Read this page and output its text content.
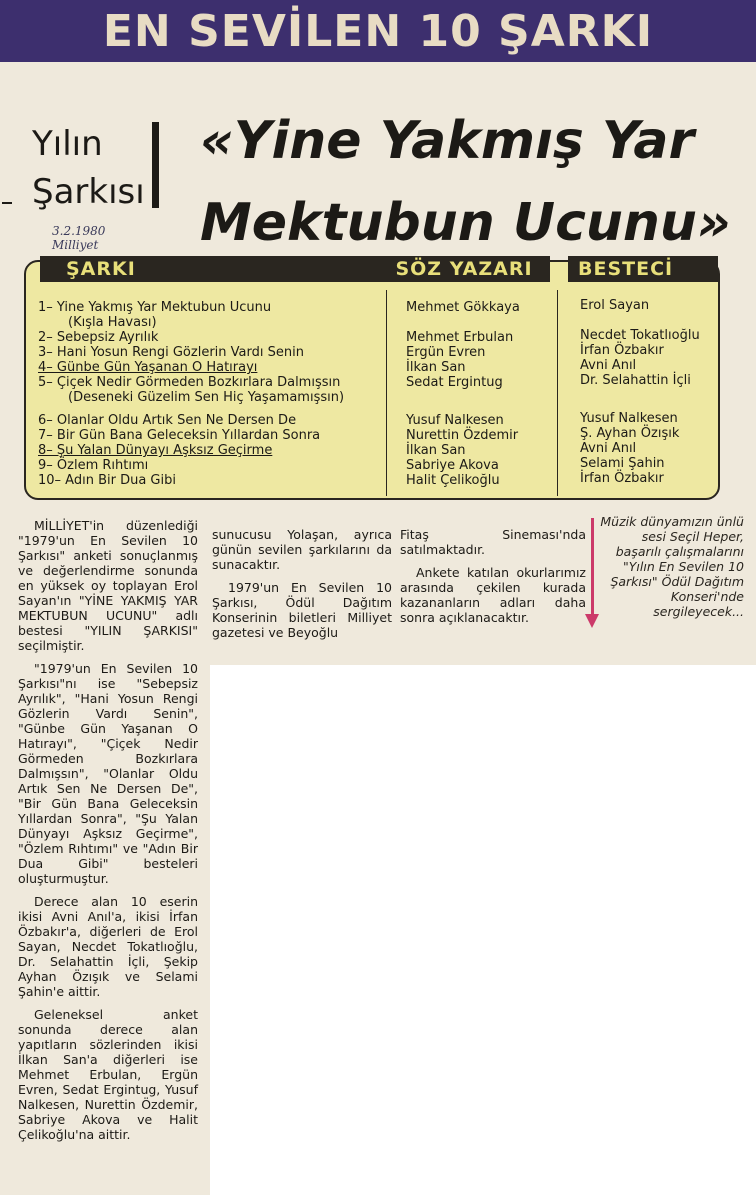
EN SEVİLEN 10 ŞARKI
Yılın
Şarkısı
«Yine Yakmış Yar
Mektubun Ucunu»
3.2.1980
Milliyet
ŞARKI	SÖZ YAZARI	BESTECİ
1– Yine Yakmış Yar Mektubun Ucunu
(Kışla Havası)
2– Sebepsiz Ayrılık
3– Hani Yosun Rengi Gözlerin Vardı Senin
4– Günbe Gün Yaşanan O Hatırayı
5– Çiçek Nedir Görmeden Bozkırlara Dalmışsın
(Deseneki Güzelim Sen Hiç Yaşamamışsın)
6– Olanlar Oldu Artık Sen Ne Dersen De
7– Bir Gün Bana Geleceksin Yıllardan Sonra
8– Şu Yalan Dünyayı Aşksız Geçirme
9– Özlem Rıhtımı
10– Adın Bir Dua Gibi
Mehmet Gökkaya
Mehmet Erbulan
Ergün Evren
İlkan San
Sedat Ergintug
Yusuf Nalkesen
Nurettin Özdemir
İlkan San
Sabriye Akova
Halit Çelikoğlu
Erol Sayan
Necdet Tokatlıoğlu
İrfan Özbakır
Avni Anıl
Dr. Selahattin İçli
Yusuf Nalkesen
Ş. Ayhan Özışık
Avni Anıl
Selami Şahin
İrfan Özbakır

MİLLİYET'in düzenlediği "1979'un En Sevilen 10 Şarkısı" anketi sonuçlanmış ve değerlendirme sonunda en yüksek oy toplayan Erol Sayan'ın "YİNE YAKMIŞ YAR MEKTUBUN UCUNU" adlı bestesi "YILIN ŞARKISI" seçilmiştir.

"1979'un En Sevilen 10 Şarkısı"nı ise "Sebepsiz Ayrılık", "Hani Yosun Rengi Gözlerin Vardı Senin", "Günbe Gün Yaşanan O Hatırayı", "Çiçek Nedir Görmeden Bozkırlara Dalmışsın", "Olanlar Oldu Artık Sen Ne Dersen De", "Bir Gün Bana Geleceksin Yıllardan Sonra", "Şu Yalan Dünyayı Aşksız Geçirme", "Özlem Rıhtımı" ve "Adın Bir Dua Gibi" besteleri oluşturmuştur.

Derece alan 10 eserin ikisi Avni Anıl'a, ikisi İrfan Özbakır'a, diğerleri de Erol Sayan, Necdet Tokatlıoğlu, Dr. Selahattin İçli, Şekip Ayhan Özışık ve Selami Şahin'e aittir.

Geleneksel anket sonunda derece alan yapıtların sözlerinden ikisi İlkan San'a diğerleri ise Mehmet Erbulan, Ergün Evren, Sedat Ergintug, Yusuf Nalkesen, Nurettin Özdemir, Sabriye Akova ve Halit Çelikoğlu'na aittir.

sunucusu Yolaşan, ayrıca günün sevilen şarkılarını da sunacaktır.

1979'un En Sevilen 10 Şarkısı, Ödül Dağıtım Konserinin biletleri Milliyet gazetesi ve Beyoğlu

Fitaş Sineması'nda satılmaktadır.

Ankete katılan okurlarımız arasında çekilen kurada kazananların adları daha sonra açıklanacaktır.

Müzik dünyamızın ünlü sesi Seçil Heper, başarılı çalışmalarını "Yılın En Sevilen 10 Şarkısı" Ödül Dağıtım Konseri'nde sergileyecek...
